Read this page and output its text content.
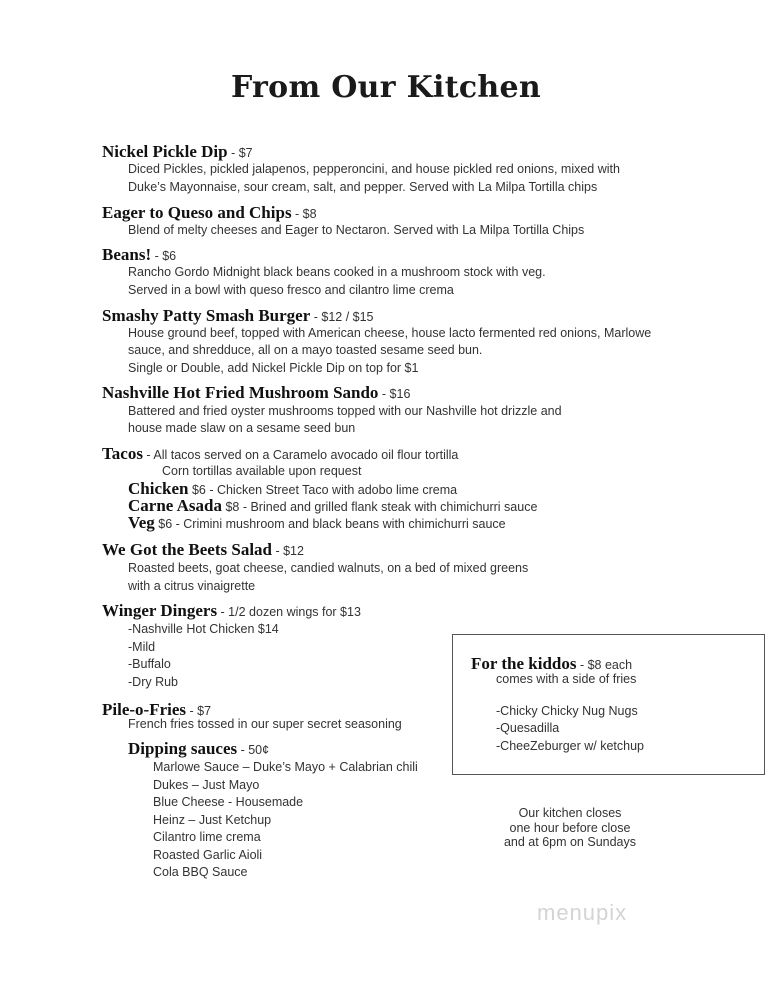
From Our Kitchen
Nickel Pickle Dip - $7
Diced Pickles, pickled jalapenos, pepperoncini, and house pickled red onions, mixed with
Duke’s Mayonnaise, sour cream, salt, and pepper. Served with La Milpa Tortilla chips
Eager to Queso and Chips - $8
Blend of melty cheeses and Eager to Nectaron. Served with La Milpa Tortilla Chips
Beans! - $6
Rancho Gordo Midnight black beans cooked in a mushroom stock with veg.
Served in a bowl with queso fresco and cilantro lime crema
Smashy Patty Smash Burger - $12 / $15
House ground beef, topped with American cheese, house lacto fermented red onions, Marlowe
sauce, and shredduce, all on a mayo toasted sesame seed bun.
Single or Double, add Nickel Pickle Dip on top for $1
Nashville Hot Fried Mushroom Sando - $16
Battered and fried oyster mushrooms topped with our Nashville hot drizzle and
house made slaw on a sesame seed bun
Tacos - All tacos served on a Caramelo avocado oil flour tortilla
Corn tortillas available upon request
Chicken $6 - Chicken Street Taco with adobo lime crema
Carne Asada $8 - Brined and grilled flank steak with chimichurri sauce
Veg $6 - Crimini mushroom and black beans with chimichurri sauce
We Got the Beets Salad - $12
Roasted beets, goat cheese, candied walnuts, on a bed of mixed greens
with a citrus vinaigrette
Winger Dingers - 1/2 dozen wings for $13
-Nashville Hot Chicken $14
-Mild
-Buffalo
-Dry Rub
Pile-o-Fries - $7
French fries tossed in our super secret seasoning
Dipping sauces - 50¢
Marlowe Sauce – Duke’s Mayo + Calabrian chili
Dukes – Just Mayo
Blue Cheese - Housemade
Heinz – Just Ketchup
Cilantro lime crema
Roasted Garlic Aioli
Cola BBQ Sauce
For the kiddos - $8 each
comes with a side of fries
-Chicky Chicky Nug Nugs
-Quesadilla
-CheeZeburger w/ ketchup
Our kitchen closes
one hour before close
and at 6pm on Sundays
menupix
